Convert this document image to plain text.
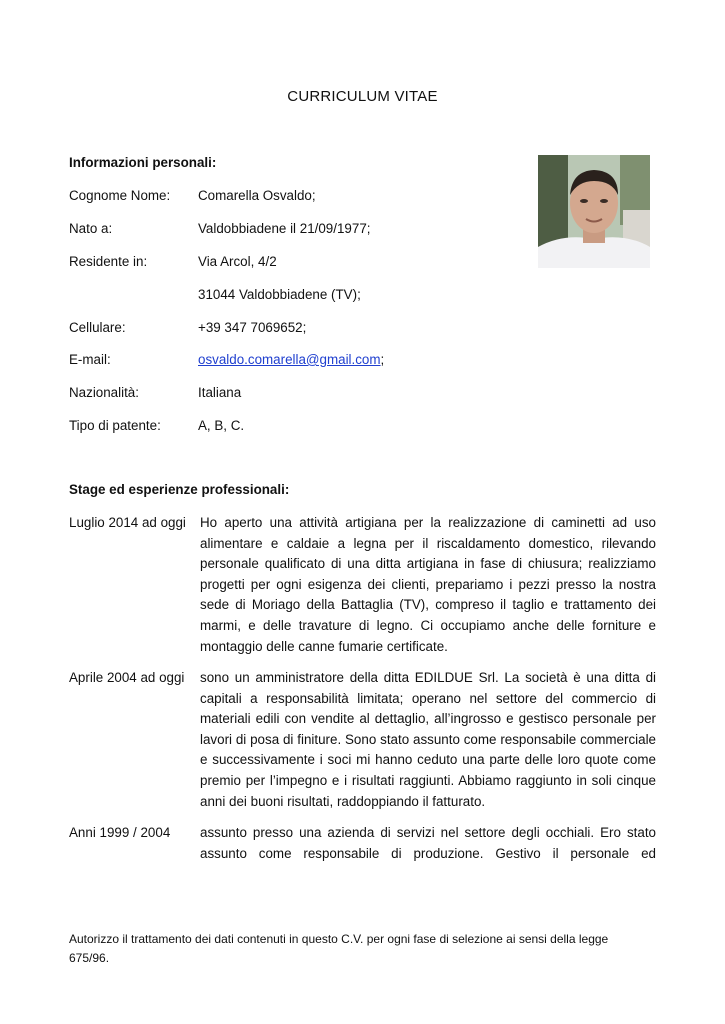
CURRICULUM VITAE
Informazioni personali:
Cognome Nome: Comarella Osvaldo;
Nato a:	Valdobbiadene il 21/09/1977;
Residente in:	Via Arcol, 4/2
31044 Valdobbiadene (TV);
Cellulare:	+39 347 7069652;
E-mail:	osvaldo.comarella@gmail.com;
Nazionalità:	Italiana
Tipo di patente:	A, B, C.
Stage ed esperienze professionali:
Luglio 2014 ad oggi	Ho aperto una attività artigiana per la realizzazione di caminetti ad uso alimentare e caldaie a legna per il riscaldamento domestico, rilevando personale qualificato di una ditta artigiana in fase di chiusura; realizziamo progetti per ogni esigenza dei clienti, prepariamo i pezzi presso la nostra sede di Moriago della Battaglia (TV), compreso il taglio e trattamento dei marmi, e delle travature di legno. Ci occupiamo anche delle forniture e montaggio delle canne fumarie certificate.
Aprile 2004 ad oggi	sono un amministratore della ditta EDILDUE Srl. La società è una ditta di capitali a responsabilità limitata; operano nel settore del commercio di materiali edili con vendite al dettaglio, all’ingrosso e gestisco personale per lavori di posa di finiture. Sono stato assunto come responsabile commerciale e successivamente i soci mi hanno ceduto una parte delle loro quote come premio per l’impegno e i risultati raggiunti. Abbiamo raggiunto in soli cinque anni dei buoni risultati, raddoppiando il fatturato.
Anni 1999 / 2004	assunto presso una azienda di servizi nel settore degli occhiali. Ero stato assunto come responsabile di produzione. Gestivo il personale ed
Autorizzo il trattamento dei dati contenuti in questo C.V. per ogni fase di selezione ai sensi della legge 675/96.
